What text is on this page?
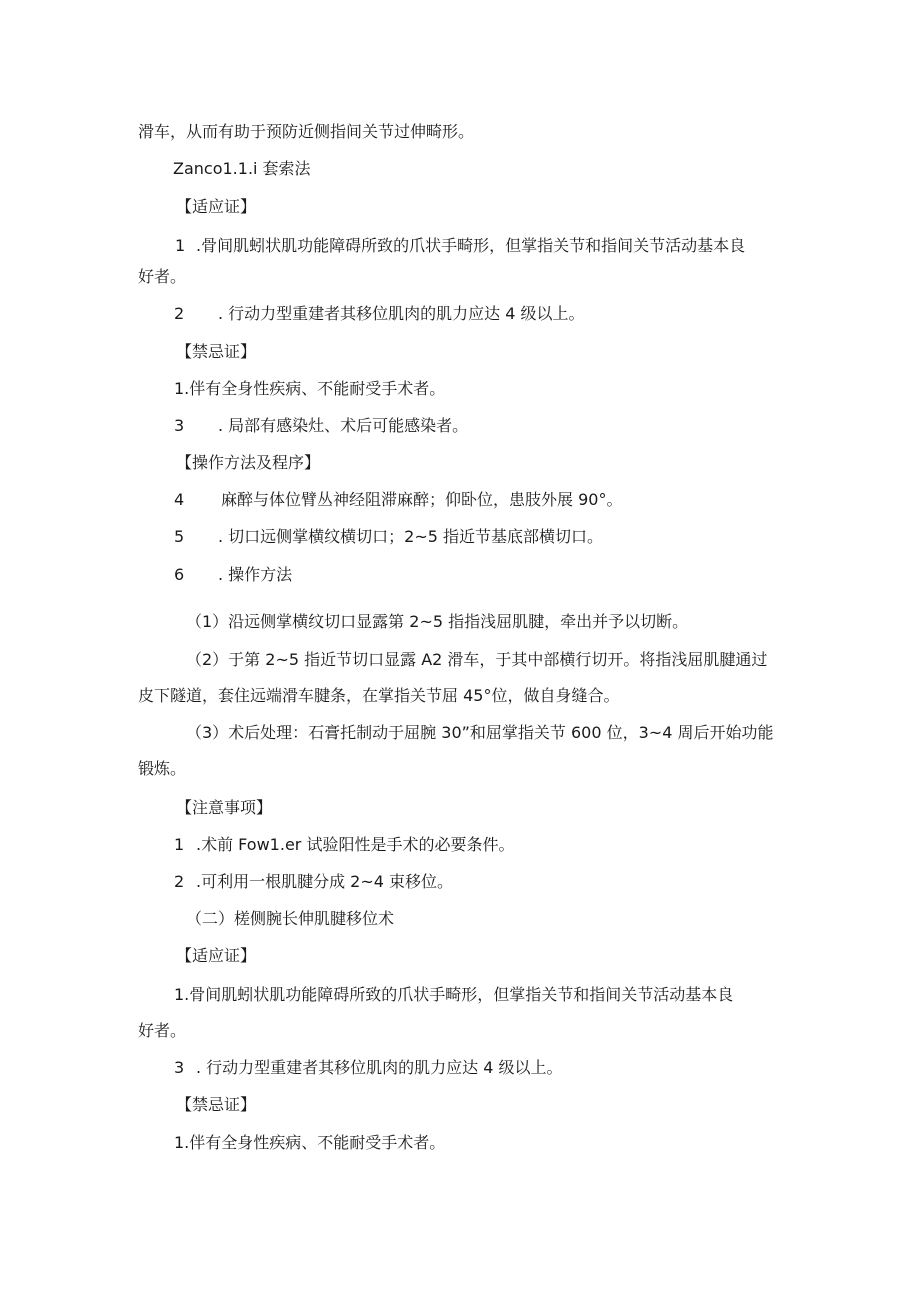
滑车，从而有助于预防近侧指间关节过伸畸形。
Zanco1.1.i 套索法
【适应证】
1 .骨间肌蚓状肌功能障碍所致的爪状手畸形，但掌指关节和指间关节活动基本良
好者。
2 . 行动力型重建者其移位肌肉的肌力应达 4 级以上。
【禁忌证】
1.伴有全身性疾病、不能耐受手术者。
3 . 局部有感染灶、术后可能感染者。
【操作方法及程序】
4 麻醉与体位臂丛神经阻滞麻醉；仰卧位，患肢外展 90°。
5 . 切口远侧掌横纹横切口；2~5 指近节基底部横切口。
6 . 操作方法
（1）沿远侧掌横纹切口显露第 2~5 指指浅屈肌腱，牵出并予以切断。
（2）于第 2~5 指近节切口显露 A2 滑车，于其中部横行切开。将指浅屈肌腱通过
皮下隧道，套住远端滑车腱条，在掌指关节屈 45°位，做自身缝合。
（3）术后处理：石膏托制动于屈腕 30”和屈掌指关节 600 位，3~4 周后开始功能
锻炼。
【注意事项】
1 .术前 Fow1.er 试验阳性是手术的必要条件。
2 .可利用一根肌腱分成 2~4 束移位。
（二）槎侧腕长伸肌腱移位术
【适应证】
1.骨间肌蚓状肌功能障碍所致的爪状手畸形，但掌指关节和指间关节活动基本良
好者。
3 . 行动力型重建者其移位肌肉的肌力应达 4 级以上。
【禁忌证】
1.伴有全身性疾病、不能耐受手术者。
